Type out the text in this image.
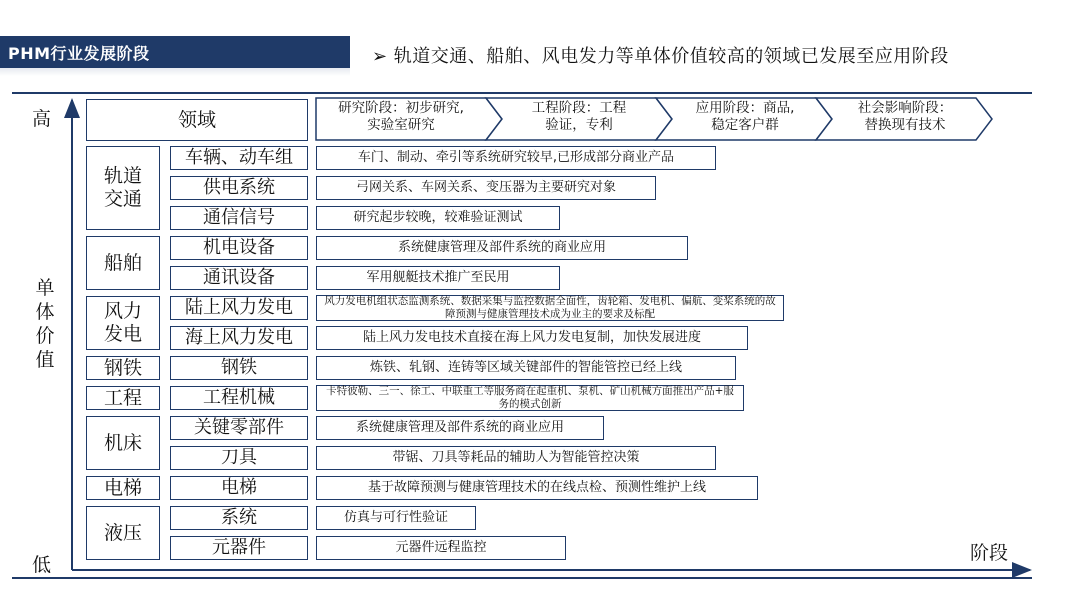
PHM行业发展阶段	➢ 轨道交通、船舶、风电发力等单体价值较高的领域已发展至应用阶段
高
低
单
体
价
值
阶段
领域
研究阶段：初步研究,
实验室研究
工程阶段：工程
验证，专利
应用阶段：商品,
稳定客户群
社会影响阶段：
替换现有技术
轨道交通
船舶
风力发电
钢铁
工程
机床
电梯
液压
车辆、动车组
供电系统
通信信号
机电设备
通讯设备
陆上风力发电
海上风力发电
钢铁
工程机械
关键零部件
刀具
电梯
系统
元器件
车门、制动、牵引等系统研究较早,已形成部分商业产品
弓网关系、车网关系、变压器为主要研究对象
研究起步较晚，较难验证测试
系统健康管理及部件系统的商业应用
军用舰艇技术推广至民用
风力发电机组状态监测系统、数据采集与监控数据全面性，齿轮箱、发电机、偏航、变桨系统的故障预测与健康管理技术成为业主的要求及标配
陆上风力发电技术直接在海上风力发电复制，加快发展进度
炼铁、轧钢、连铸等区域关键部件的智能管控已经上线
卡特彼勒、三一、徐工、中联重工等服务商在起重机、泵机、矿山机械方面推出产品+服务的模式创新
系统健康管理及部件系统的商业应用
带锯、刀具等耗品的辅助人为智能管控决策
基于故障预测与健康管理技术的在线点检、预测性维护上线
仿真与可行性验证
元器件远程监控
